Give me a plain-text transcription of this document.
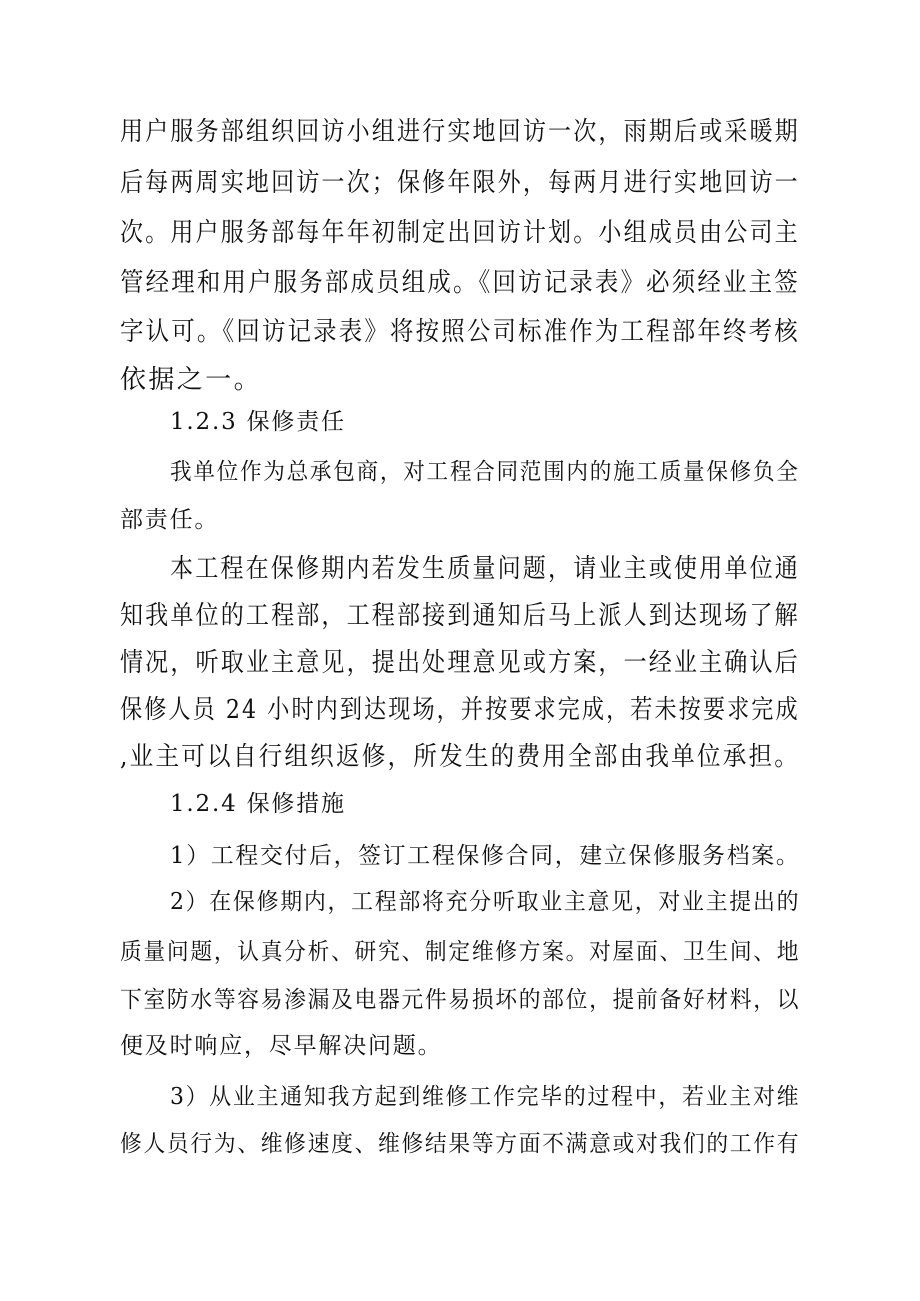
用户服务部组织回访小组进行实地回访一次，雨期后或采暖期

后每两周实地回访一次；保修年限外，每两月进行实地回访一

次。用户服务部每年年初制定出回访计划。小组成员由公司主

管经理和用户服务部成员组成。《回访记录表》必须经业主签

字认可。《回访记录表》将按照公司标准作为工程部年终考核

依据之一。

1.2.3 保修责任

我单位作为总承包商，对工程合同范围内的施工质量保修负全

部责任。

本工程在保修期内若发生质量问题，请业主或使用单位通

知我单位的工程部，工程部接到通知后马上派人到达现场了解

情况，听取业主意见，提出处理意见或方案，一经业主确认后

保修人员 24 小时内到达现场，并按要求完成，若未按要求完成

,业主可以自行组织返修，所发生的费用全部由我单位承担。

1.2.4 保修措施

1）工程交付后，签订工程保修合同，建立保修服务档案。

2）在保修期内，工程部将充分听取业主意见，对业主提出的

质量问题，认真分析、研究、制定维修方案。对屋面、卫生间、地

下室防水等容易渗漏及电器元件易损坏的部位，提前备好材料，以

便及时响应，尽早解决问题。

3）从业主通知我方起到维修工作完毕的过程中，若业主对维

修人员行为、维修速度、维修结果等方面不满意或对我们的工作有
